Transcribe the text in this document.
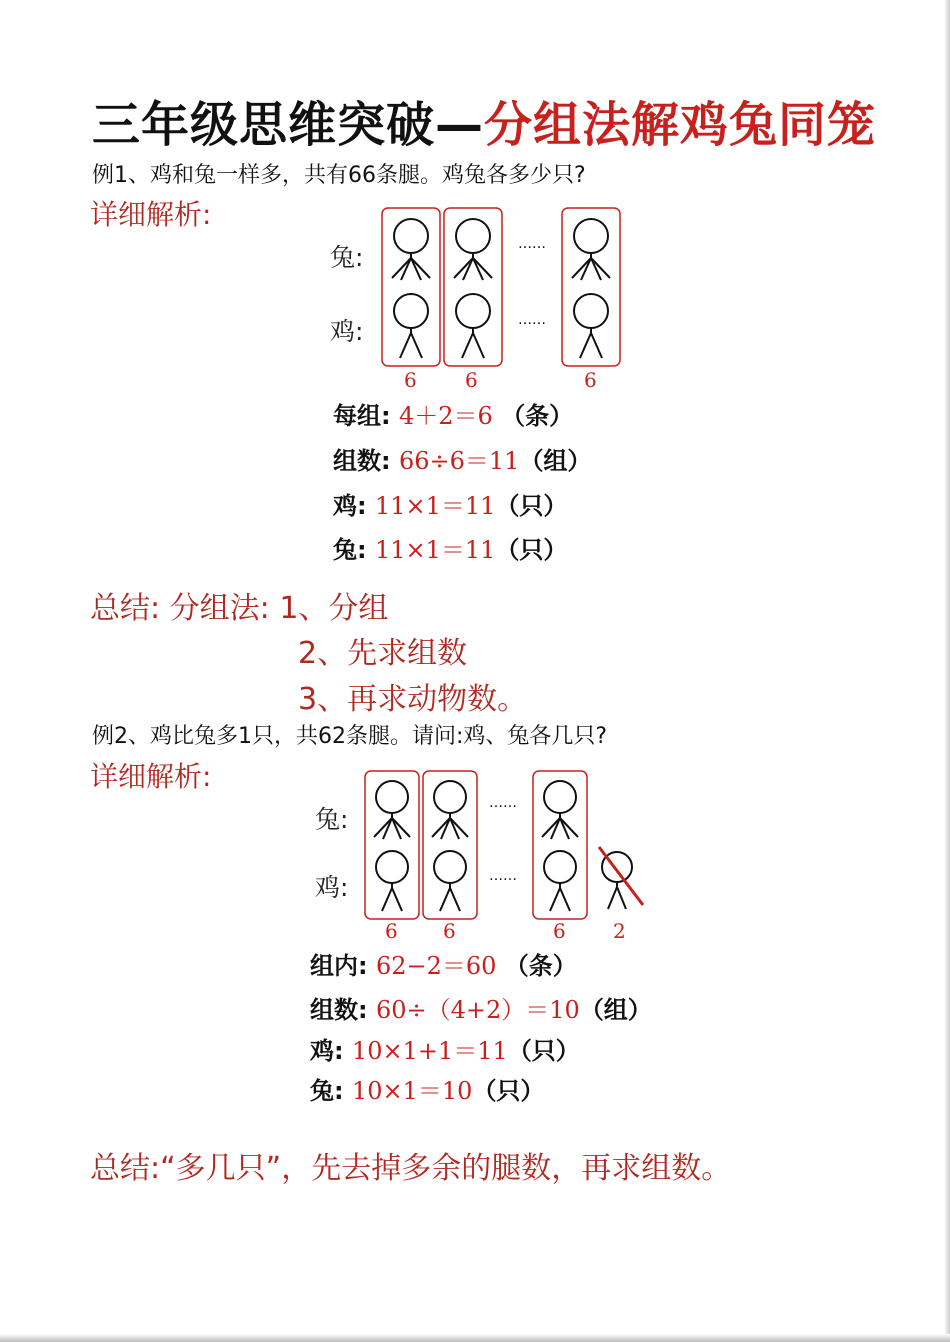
三年级思维突破—分组法解鸡兔同笼
例1、鸡和兔一样多，共有66条腿。鸡兔各多少只?
详细解析:
兔:
鸡:
……
……
6 6	6
每组: 4＋2＝6 （条）
组数: 66÷6＝11（组）
鸡: 11×1＝11（只）
兔: 11×1＝11（只）
总结: 分组法: 1、分组
2、先求组数
3、再求动物数。
例2、鸡比兔多1只，共62条腿。请问:鸡、兔各几只?
详细解析:
兔:
鸡:
……
……
6 6	6 2
组内: 62−2＝60 （条）
组数: 60÷（4+2）＝10（组）
鸡: 10×1+1＝11（只）
兔: 10×1＝10（只）
总结:“多几只”，先去掉多余的腿数，再求组数。
